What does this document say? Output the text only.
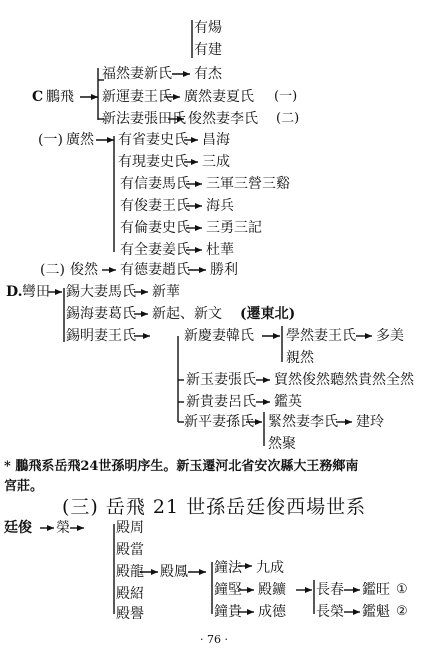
有煬
有建
福然妻新氏 有杰
C 鵬飛 新運妻王氏 廣然妻夏氏 (一)
新法妻張田氏 俊然妻李氏 (二)
(一) 廣然 有省妻史氏 昌海
有現妻史氏 三成
有信妻馬氏 三軍三營三谿
有俊妻王氏 海兵
有倫妻史氏 三勇三記
有全妻姜氏 杜華
(二) 俊然 有德妻趙氏 勝利
D. 彎田 錫大妻馬氏 新華
錫海妻葛氏 新起、新文 (遷東北)
錫明妻王氏	新慶妻韓氏 學然妻王氏 多美
親然
新玉妻張氏 貿然俊然聽然貴然全然
新貴妻呂氏 鑑英
新平妻孫氏 緊然妻李氏 建玲
然聚
* 鵬飛系岳飛24世孫明序生。新玉遷河北省安次縣大王務鄉南
宮莊。
(三) 岳飛 21 世孫岳廷俊西場世系
廷俊 榮	殿周
殿當
殿龍
殿紹
殿譽
殿鳳 鐘法 九成
鐘堅 殿鑛
鐘貴 成德
長春
長榮
鑑旺
鑑魁
①
②
· 76 ·
